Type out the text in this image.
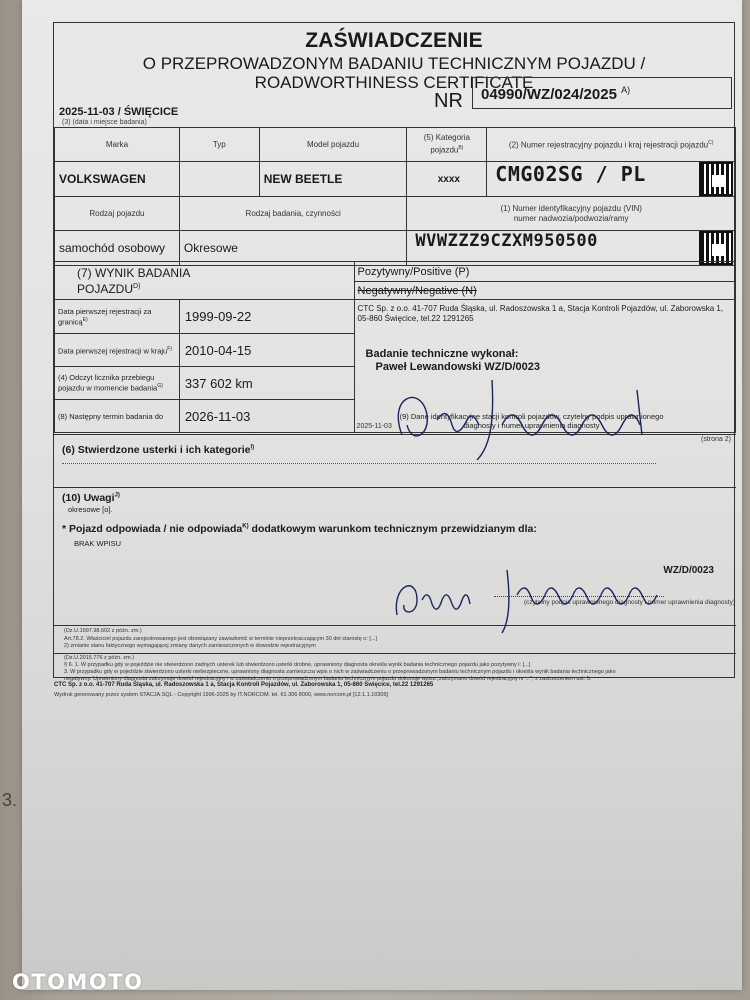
ZAŚWIADCZENIE
O PRZEPROWADZONYM BADANIU TECHNICZNYM POJAZDU /
ROADWORTHINESS CERTIFICATE
NR	04990/WZ/024/2025 $^{A)}$
2025-11-03 / ŚWIĘCICE
(3) (data i miejsce badania)
Marka	Typ	Model pojazdu	(5) Kategoria pojazdu$^{B)}$	(2) Numer rejestracyjny pojazdu i kraj rejestracji pojazdu$^{C)}$
VOLKSWAGEN		NEW BEETLE	xxxx	CMG02SG / PL

Rodzaj pojazdu	Rodzaj badania, czynności		(1) Numer identyfikacyjny pojazdu (VIN)
numer nadwozia/podwozia/ramy	

samochód osobowy	Okresowe		WVWZZZ9CZXM950500	
(7) WYNIK BADANIA
$POJAZDU^{D)}$		Pozytywny/Positive (P)
		Negatywny/Negative (N)
Data pierwszej rejestracji za granicą$^{E)}$	1999-09-22	
CTC Sp. z o.o. 41-707 Ruda Śląska, ul. Radoszowska 1 a, Stacja Kontroli Pojazdów, ul. Zaborowska 1, 05-860 Święcice, tel.22 1291265
Badanie techniczne wykonał:
Paweł Lewandowski WZ/D/0023
(9) Dane identyfikacyjne stacji kontroli pojazdów, czytelny podpis uprawnionego
diagnosty i numer uprawnienia diagnosty
2025-11-03
(strona 2)

Data pierwszej rejestracji w kraju$^{F)}$	2010-04-15	
(4) Odczyt licznika przebiegu pojazdu w momencie badania$^{G)}$	337 602 km	
(8) Następny termin badania do	2026-11-03	
(6) Stwierdzone usterki i ich kategorie$^{I)}$
(10) Uwagi$^{J)}$
okresowe [o].
* Pojazd odpowiada / nie odpowiada$^{K)}$ dodatkowym warunkom technicznym przewidzianym dla:
BRAK WPISU
WZ/D/0023
(czytelny podpis uprawnionego diagnosty i numer uprawnienia diagnosty)
(Dz.U.1997.98.602 z późn. zm.)
Art.78.2. Właściciel pojazdu zarejestrowanego jest obowiązany zawiadomić w terminie nieprzekraczającym 30 dni starostę o: [...]
2) zmianie stanu faktycznego wymagającej zmiany danych zamieszczonych w dowodzie rejestracyjnym
(Dz.U.2015.776 z późn. zm.)
§ 6. 1. W przypadku gdy w pojeździe nie stwierdzono żadnych usterek lub stwierdzono usterki drobne, uprawniony diagnosta określa wynik badania technicznego pojazdu jako pozytywny i: [...]
3. W przypadku gdy w pojeździe stwierdzono usterki niebezpieczne, uprawniony diagnosta zamieszcza wpis o nich w zaświadczeniu o przeprowadzonym badaniu technicznym pojazdu i określa wynik badania technicznego jako
negatywny. Uprawniony diagnosta zatrzymuje dowód rejestracyjny i w zaświadczeniu o przeprowadzonym badaniu technicznym pojazdu dokonuje wpisu „zatrzymano dowód rejestracyjny nr ...", z zastrzeżeniem ust. 5.
CTC Sp. z o.o. 41-707 Ruda Śląska, ul. Radoszowska 1 a, Stacja Kontroli Pojazdów, ul. Zaborowska 1, 05-860 Święcice, tel.22 1291265
Wydruk generowany przez system STACJA.SQL - Copyright 1996-2025 by IT.NORCOM, tel. 61 306 8000, www.norcom.pl [12.1.1.10305]
3.
OTOMOTO
